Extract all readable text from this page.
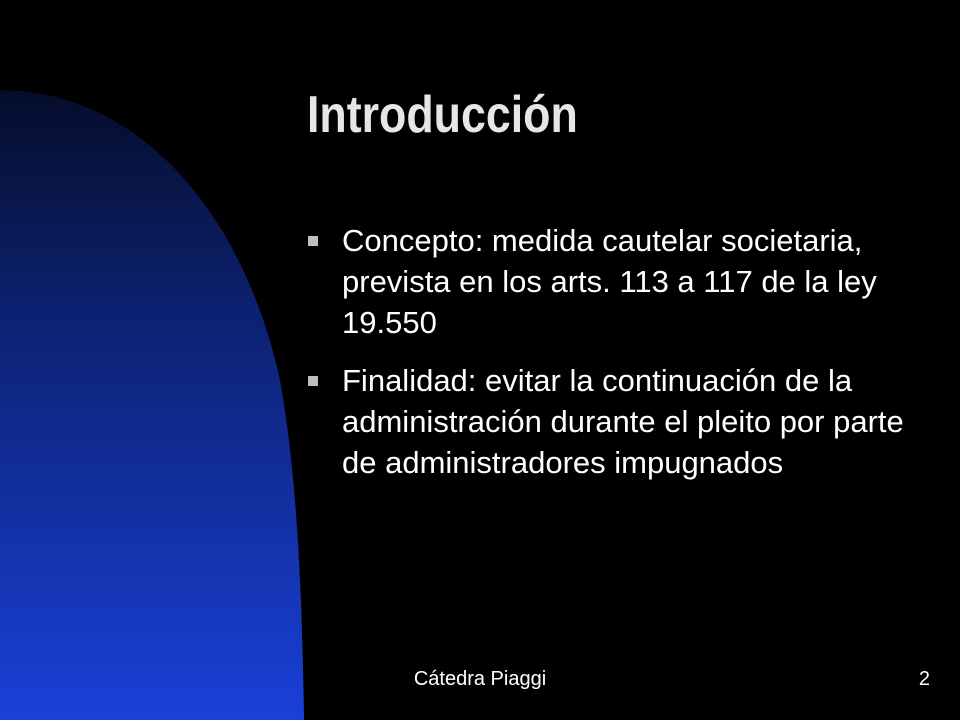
Introducción
Concepto: medida cautelar societaria, prevista en los arts. 113 a 117 de la ley 19.550
Finalidad: evitar la continuación de la administración durante el pleito por parte de administradores impugnados
Cátedra Piaggi	2
